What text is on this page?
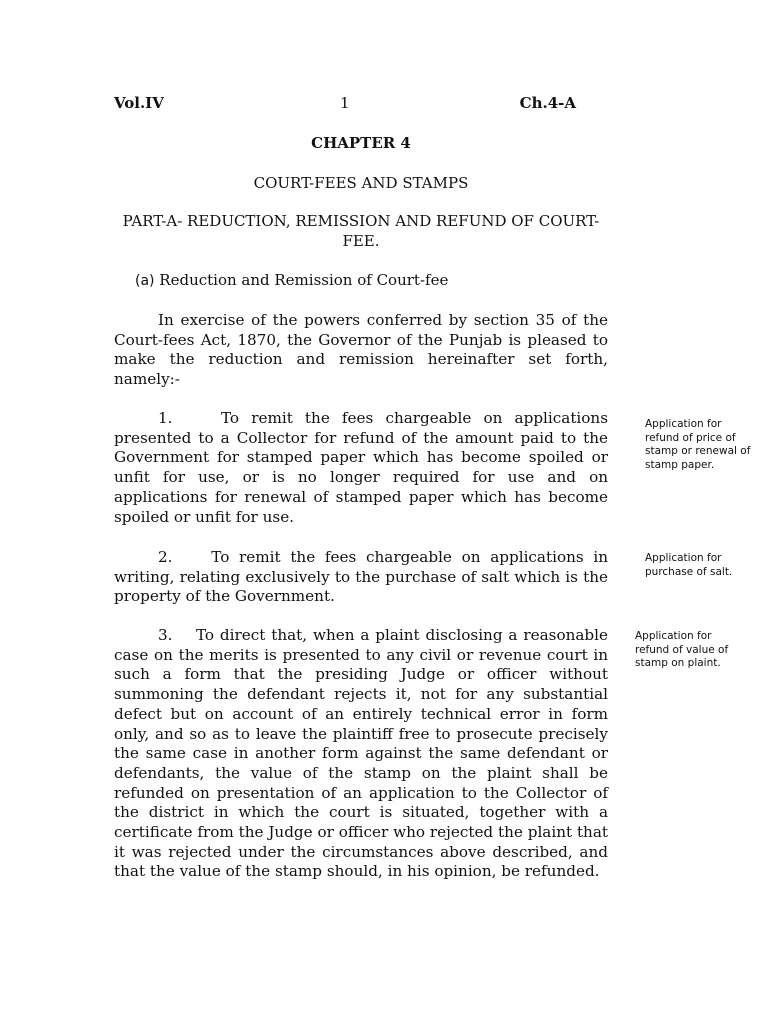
Vol.IV	1	Ch.4-A
CHAPTER 4
COURT-FEES AND STAMPS
PART-A- REDUCTION, REMISSION AND REFUND OF COURT-FEE.
(a) Reduction and Remission of Court-fee

In exercise of the powers conferred by section 35 of the Court-fees Act, 1870, the Governor of the Punjab is pleased to make the reduction and remission hereinafter set forth, namely:-

1.    To remit the fees chargeable on applications presented to a Collector for refund of the amount paid to the Government for stamped paper which has become spoiled or unfit for use, or is no longer required for use and on applications for renewal of stamped paper which has become spoiled or unfit for use.

Application for refund of price of stamp or renewal of stamp paper.

2.    To remit the fees chargeable on applications in writing, relating exclusively to the purchase of salt which is the property of the Government.

Application for purchase of salt.

3.    To direct that, when a plaint disclosing a reasonable case on the merits is presented to any civil or revenue court in such a form that the presiding Judge or officer without summoning the defendant rejects it, not for any substantial defect but on account of an entirely technical error in form only, and so as to leave the plaintiff free to prosecute precisely the same case in another form against the same defendant or defendants, the value of the stamp on the plaint shall be refunded on presentation of an application to the Collector of the district in which the court is situated, together with a certificate from the Judge or officer who rejected the plaint that it was rejected under the circumstances above described, and that the value of the stamp should, in his opinion, be refunded.

Application for refund of value of stamp on plaint.
